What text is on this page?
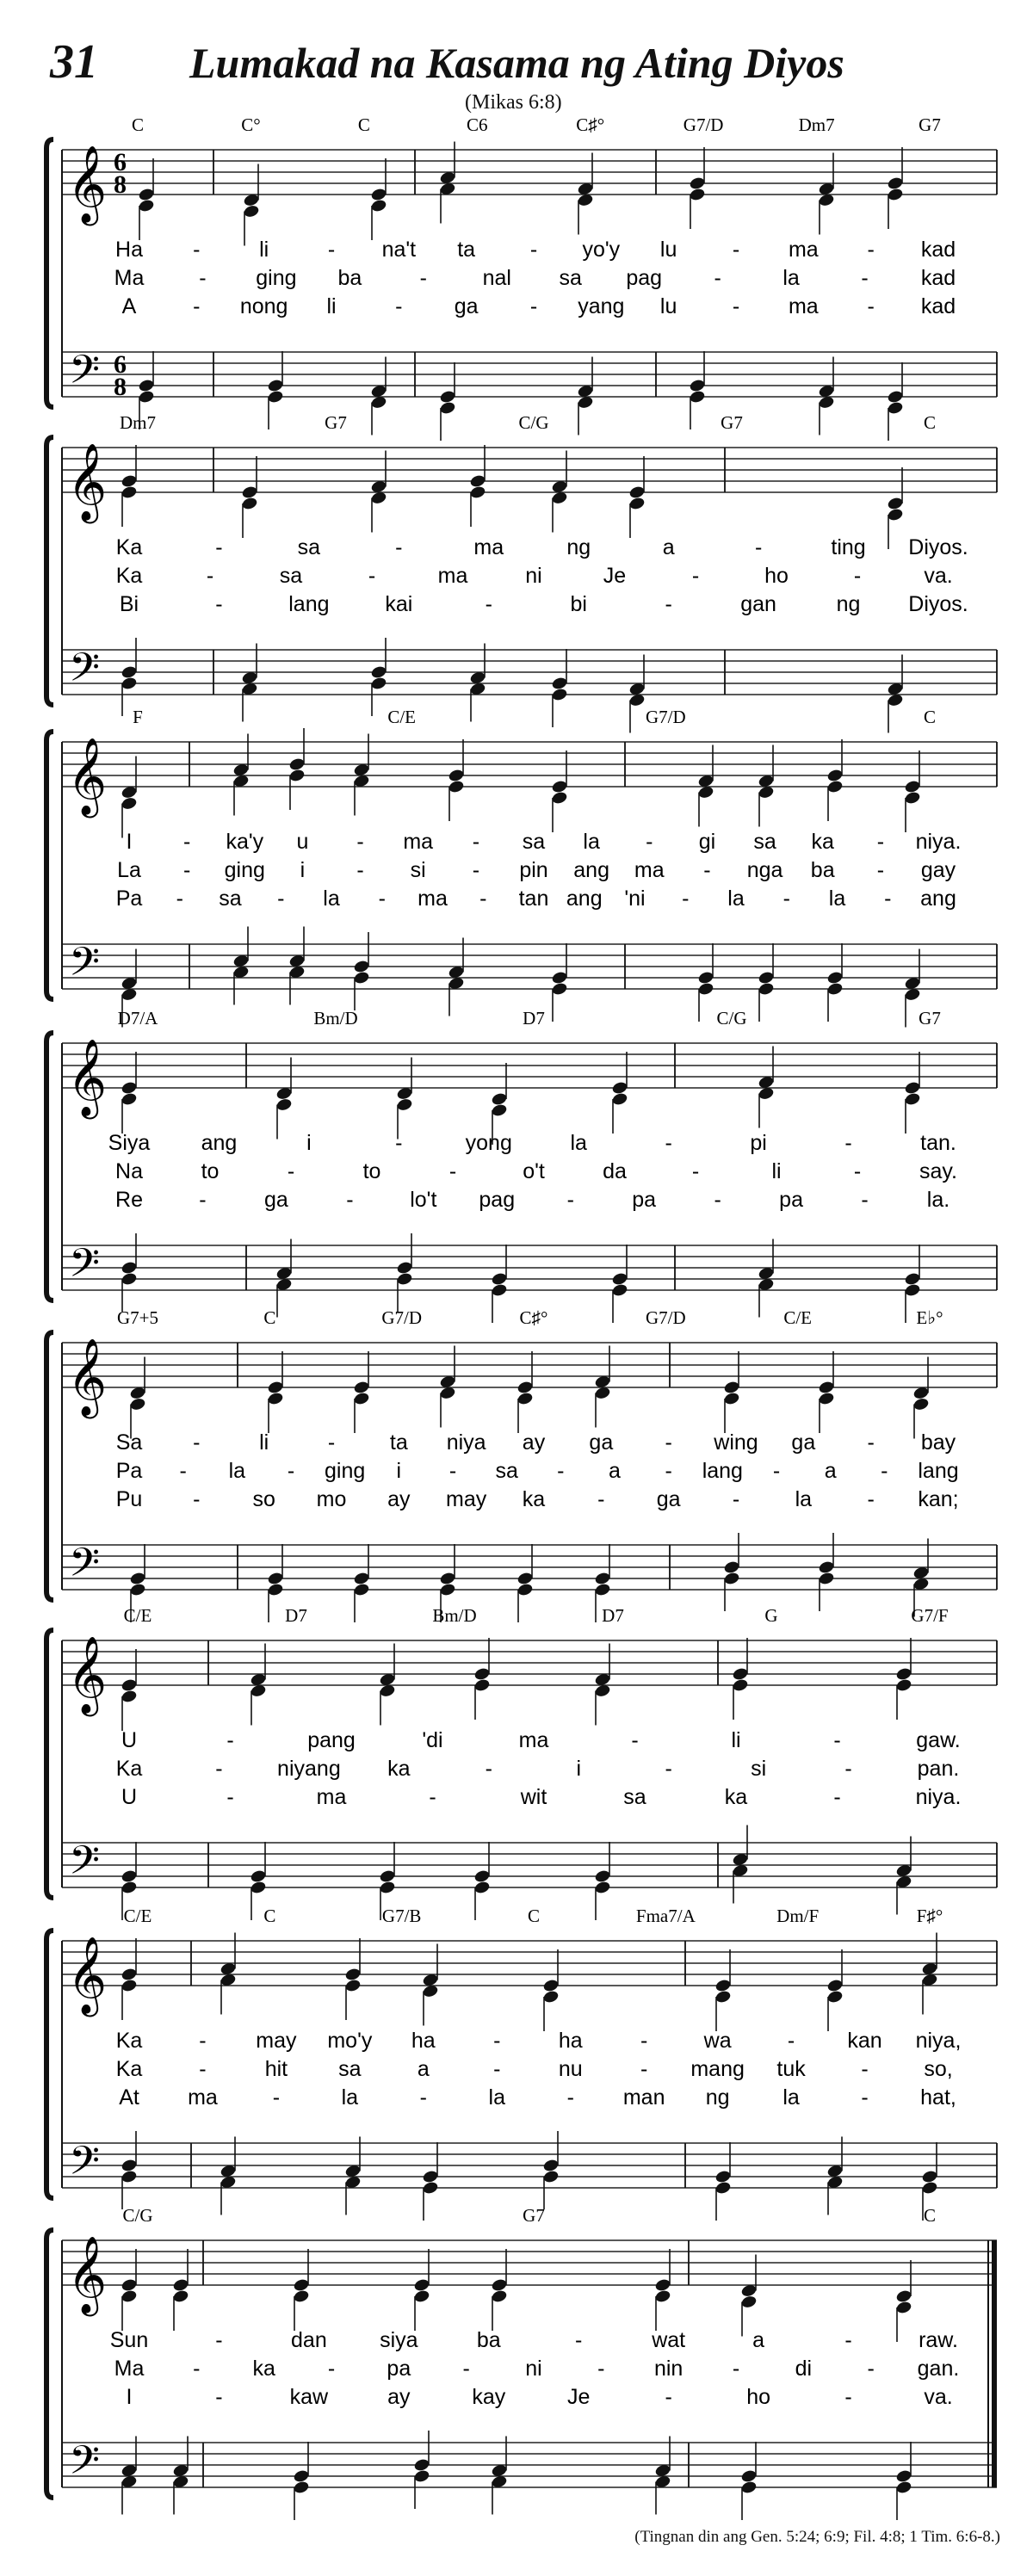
31 Lumakad na Kasama ng Ating Diyos
(Mikas 6:8)
𝄞
𝄢
6
8
6
8
C	C°	C	C6	C♯°	G7/D	Dm7	G7
Ha -	li	- na't ta	- yo'y lu	- ma - kad
Ma	- ging ba	-	nal sa pag -	la	- kad
A	- nong li	- ga - yang lu	- ma - kad
𝄞
𝄢
Dm7	G7	C/G	G7	C
Ka	-	sa	-	ma	ng	a	-	ting Diyos.
Ka	-	sa	-	ma	ni	Je	-	ho	-	va.
Bi	-	lang	kai	-	bi	-	gan	ng Diyos.
𝄞
𝄢
F	C/E	G7/D	C
I - ka'y u - ma - sa la - gi sa ka - niya.
La - ging i - si - pin ang ma - nga ba - gay
Pa - sa - la - ma - tan ang 'ni - la - la - ang
𝄞
𝄢
D7/A	Bm/D	D7	C/G	G7
Siya ang	i	-	yong	la	-	pi	-	tan.
Na	to	-	to	-	o't	da	-	li	-	say.
Re	-	ga	-	lo't pag -	pa	-	pa	-	la.
𝄞
𝄢
G7+5	C	G7/D	C♯°	G7/D	C/E	E♭°
Sa -	li	-	ta niya ay ga - wing ga - bay
Pa - la - ging i - sa - a - lang - a - lang
Pu - so mo ay may ka - ga -	la	- kan;
𝄞
𝄢
C/E	D7	Bm/D	D7	G	G7/F
U	-	pang	'di	ma	-	li	-	gaw.
Ka	-	niyang ka	-	i	-	si	-	pan.
U	-	ma	-	wit	sa	ka	-	niya.
𝄞
𝄢
C/E	C	G7/B	C	Fma7/A	Dm/F	F♯°
Ka	- may mo'y ha	-	ha	-	wa	- kan niya,
Ka	-	hit sa	a	-	nu	- mang tuk	-	so,
At ma	-	la	-	la	- man ng la	- hat,
𝄞
𝄢
C/G	G7	C
Sun	-	dan siya	ba	-	wat	a	-	raw.
Ma - ka - pa -	ni	- nin -	di	- gan.
I	-	kaw	ay	kay	Je	-	ho	-	va.
(Tingnan din ang Gen. 5:24; 6:9; Fil. 4:8; 1 Tim. 6:6-8.)
